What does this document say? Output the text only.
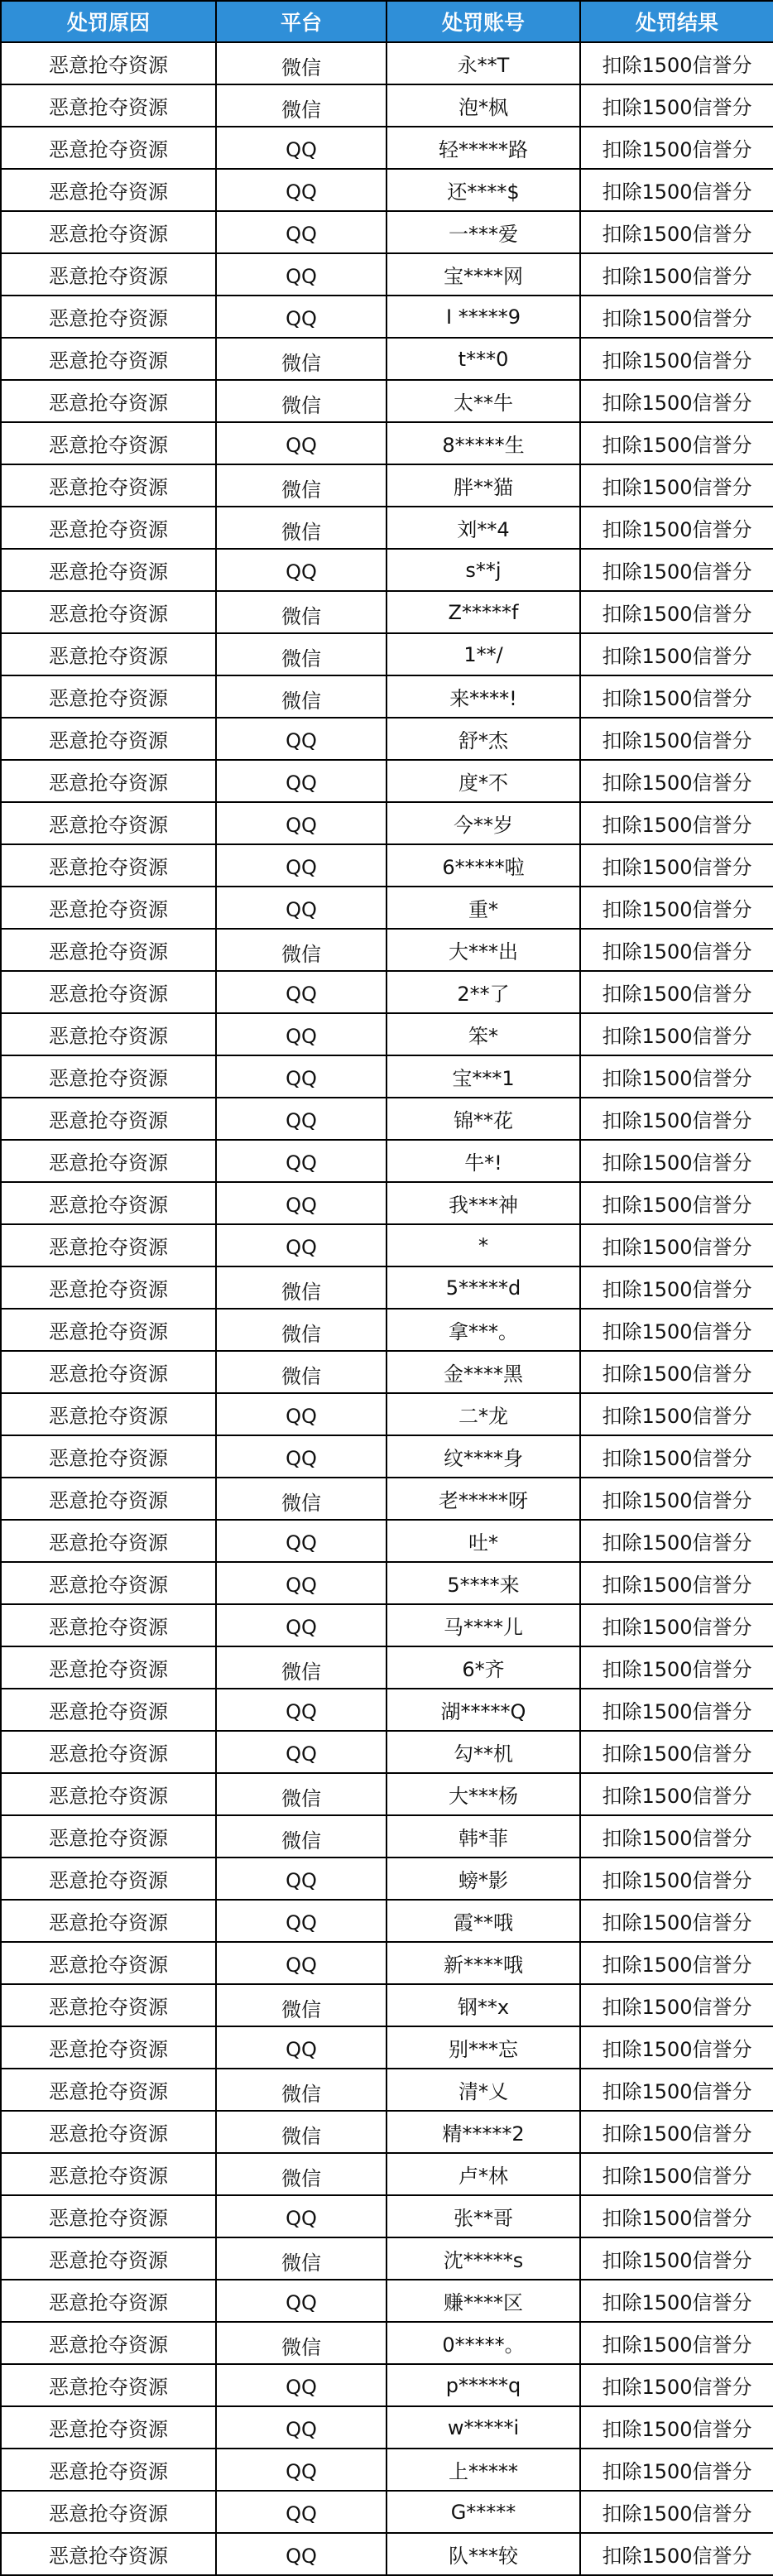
处罚原因	平台	处罚账号	处罚结果
恶意抢夺资源	微信	永**T	扣除1500信誉分
恶意抢夺资源	微信	泡*枫	扣除1500信誉分
恶意抢夺资源	QQ	轻*****路	扣除1500信誉分
恶意抢夺资源	QQ	还****$	扣除1500信誉分
恶意抢夺资源	QQ	一***爱	扣除1500信誉分
恶意抢夺资源	QQ	宝****网	扣除1500信誉分
恶意抢夺资源	QQ	I *****9	扣除1500信誉分
恶意抢夺资源	微信	t***0	扣除1500信誉分
恶意抢夺资源	微信	太**牛	扣除1500信誉分
恶意抢夺资源	QQ	8*****生	扣除1500信誉分
恶意抢夺资源	微信	胖**猫	扣除1500信誉分
恶意抢夺资源	微信	刘**4	扣除1500信誉分
恶意抢夺资源	QQ	s**j	扣除1500信誉分
恶意抢夺资源	微信	Z*****f	扣除1500信誉分
恶意抢夺资源	微信	1**/	扣除1500信誉分
恶意抢夺资源	微信	来****!	扣除1500信誉分
恶意抢夺资源	QQ	舒*杰	扣除1500信誉分
恶意抢夺资源	QQ	度*不	扣除1500信誉分
恶意抢夺资源	QQ	今**岁	扣除1500信誉分
恶意抢夺资源	QQ	6*****啦	扣除1500信誉分
恶意抢夺资源	QQ	重*	扣除1500信誉分
恶意抢夺资源	微信	大***出	扣除1500信誉分
恶意抢夺资源	QQ	2**了	扣除1500信誉分
恶意抢夺资源	QQ	笨*	扣除1500信誉分
恶意抢夺资源	QQ	宝***1	扣除1500信誉分
恶意抢夺资源	QQ	锦**花	扣除1500信誉分
恶意抢夺资源	QQ	牛*!	扣除1500信誉分
恶意抢夺资源	QQ	我***神	扣除1500信誉分
恶意抢夺资源	QQ	*	扣除1500信誉分
恶意抢夺资源	微信	5*****d	扣除1500信誉分
恶意抢夺资源	微信	拿***。	扣除1500信誉分
恶意抢夺资源	微信	金****黑	扣除1500信誉分
恶意抢夺资源	QQ	二*龙	扣除1500信誉分
恶意抢夺资源	QQ	纹****身	扣除1500信誉分
恶意抢夺资源	微信	老*****呀	扣除1500信誉分
恶意抢夺资源	QQ	吐*	扣除1500信誉分
恶意抢夺资源	QQ	5****来	扣除1500信誉分
恶意抢夺资源	QQ	马****儿	扣除1500信誉分
恶意抢夺资源	微信	6*齐	扣除1500信誉分
恶意抢夺资源	QQ	湖*****Q	扣除1500信誉分
恶意抢夺资源	QQ	勾**机	扣除1500信誉分
恶意抢夺资源	微信	大***杨	扣除1500信誉分
恶意抢夺资源	微信	韩*菲	扣除1500信誉分
恶意抢夺资源	QQ	螃*影	扣除1500信誉分
恶意抢夺资源	QQ	霞**哦	扣除1500信誉分
恶意抢夺资源	QQ	新****哦	扣除1500信誉分
恶意抢夺资源	微信	钢**x	扣除1500信誉分
恶意抢夺资源	QQ	别***忘	扣除1500信誉分
恶意抢夺资源	微信	清*乂	扣除1500信誉分
恶意抢夺资源	微信	精*****2	扣除1500信誉分
恶意抢夺资源	微信	卢*林	扣除1500信誉分
恶意抢夺资源	QQ	张**哥	扣除1500信誉分
恶意抢夺资源	微信	沈*****s	扣除1500信誉分
恶意抢夺资源	QQ	赚****区	扣除1500信誉分
恶意抢夺资源	微信	0*****。	扣除1500信誉分
恶意抢夺资源	QQ	p*****q	扣除1500信誉分
恶意抢夺资源	QQ	w*****i	扣除1500信誉分
恶意抢夺资源	QQ	上*****	扣除1500信誉分
恶意抢夺资源	QQ	G*****	扣除1500信誉分
恶意抢夺资源	QQ	队***较	扣除1500信誉分
